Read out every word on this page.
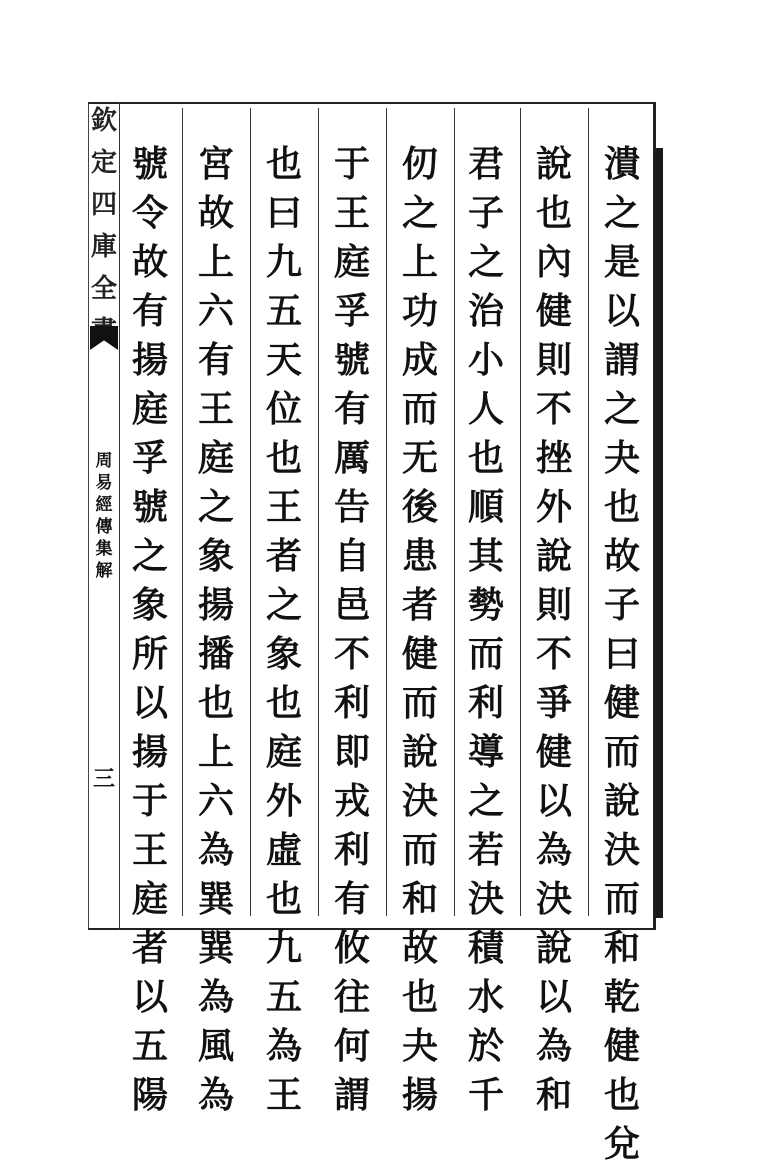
欽
定
四
庫
全
周
易
經
傳
集
解
三
潰
之
是
以
謂
之
夬
也
故
子
曰
健
而
說
決
而
和
乾
健
也
兌
說
也
內
健
則
不
挫
外
說
則
不
爭
健
以
為
決
說
以
為
和
君
子
之
治
小
人
也
順
其
勢
而
利
導
之
若
決
積
水
於
千
仞
之
上
功
成
而
无
後
患
者
健
而
說
決
而
和
故
也
夬
揚
于
王
庭
孚
號
有
厲
告
自
邑
不
利
即
戎
利
有
攸
往
何
謂
也
曰
九
五
天
位
也
王
者
之
象
也
庭
外
虛
也
九
五
為
王
宮
故
上
六
有
王
庭
之
象
揚
播
也
上
六
為
巽
巽
為
風
為
號
令
故
有
揚
庭
孚
號
之
象
所
以
揚
于
王
庭
者
以
五
陽
